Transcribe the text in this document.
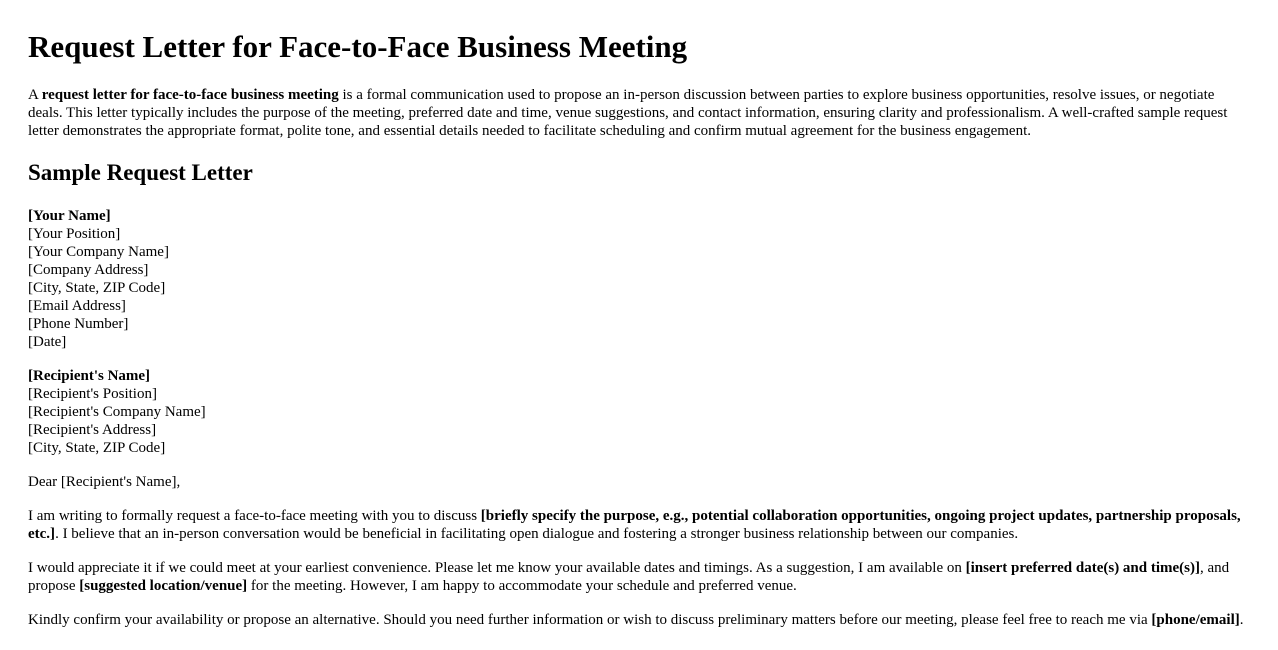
Request Letter for Face-to-Face Business Meeting

A request letter for face-to-face business meeting is a formal communication used to propose an in-person discussion between parties to explore business opportunities, resolve issues, or negotiate deals. This letter typically includes the purpose of the meeting, preferred date and time, venue suggestions, and contact information, ensuring clarity and professionalism. A well-crafted sample request letter demonstrates the appropriate format, polite tone, and essential details needed to facilitate scheduling and confirm mutual agreement for the business engagement.

Sample Request Letter
[Your Name]
[Your Position]
[Your Company Name]
[Company Address]
[City, State, ZIP Code]
[Email Address]
[Phone Number]
[Date]
[Recipient's Name]
[Recipient's Position]
[Recipient's Company Name]
[Recipient's Address]
[City, State, ZIP Code]

Dear [Recipient's Name],

I am writing to formally request a face-to-face meeting with you to discuss [briefly specify the purpose, e.g., potential collaboration opportunities, ongoing project updates, partnership proposals, etc.]. I believe that an in-person conversation would be beneficial in facilitating open dialogue and fostering a stronger business relationship between our companies.

I would appreciate it if we could meet at your earliest convenience. Please let me know your available dates and timings. As a suggestion, I am available on [insert preferred date(s) and time(s)], and propose [suggested location/venue] for the meeting. However, I am happy to accommodate your schedule and preferred venue.

Kindly confirm your availability or propose an alternative. Should you need further information or wish to discuss preliminary matters before our meeting, please feel free to reach me via [phone/email].
